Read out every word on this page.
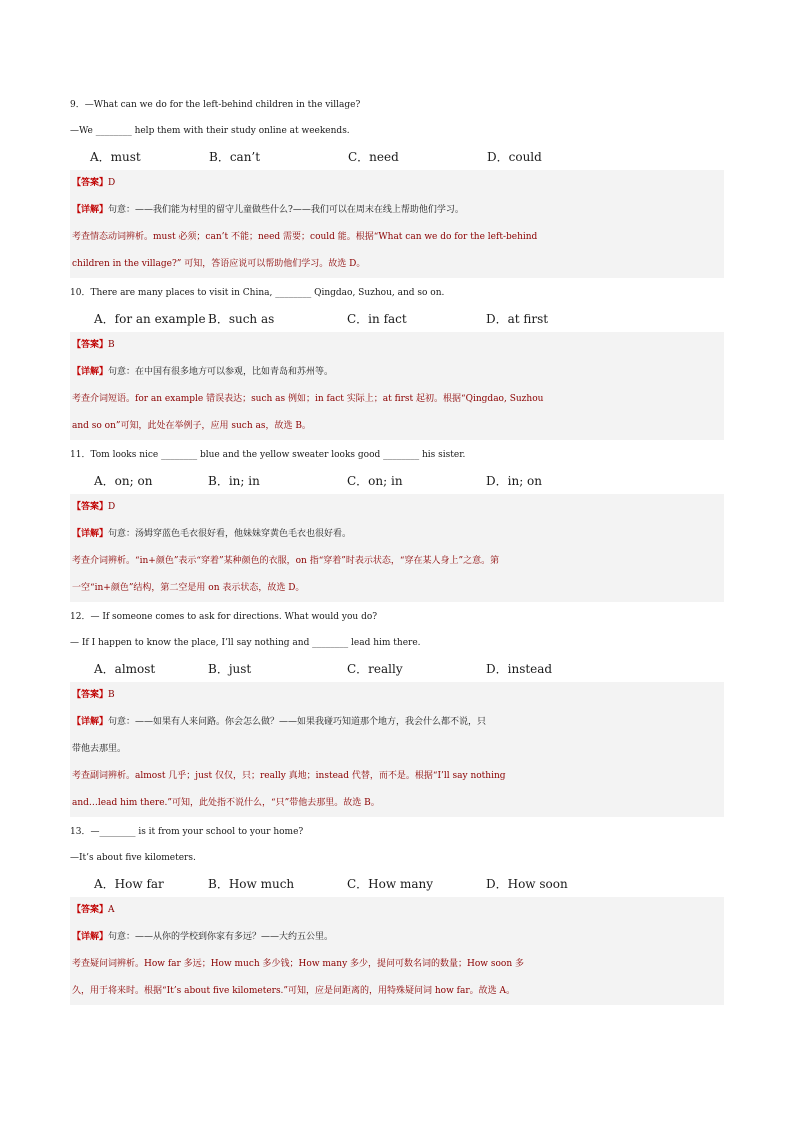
9．—What can we do for the left-behind children in the village?
—We ________ help them with their study online at weekends.
A．must	B．can’t	C．need	D．could
【答案】D
【详解】句意：——我们能为村里的留守儿童做些什么?——我们可以在周末在线上帮助他们学习。
考查情态动词辨析。must 必须；can’t 不能；need 需要；could 能。根据“What can we do for the left-behind
children in the village?” 可知，答语应说可以帮助他们学习。故选 D。
10．There are many places to visit in China, ________ Qingdao, Suzhou, and so on.
A．for an example B．such as	C．in fact	D．at first
【答案】B
【详解】句意：在中国有很多地方可以参观，比如青岛和苏州等。
考查介词短语。for an example 错误表达；such as 例如；in fact 实际上；at first 起初。根据“Qingdao, Suzhou
and so on”可知，此处在举例子，应用 such as，故选 B。
11．Tom looks nice ________ blue and the yellow sweater looks good ________ his sister.
A．on; on	B．in; in	C．on; in	D．in; on
【答案】D
【详解】句意：汤姆穿蓝色毛衣很好看，他妹妹穿黄色毛衣也很好看。
考查介词辨析。“in+颜色”表示“穿着”某种颜色的衣服，on 指“穿着”时表示状态，“穿在某人身上”之意。第
一空“in+颜色”结构，第二空是用 on 表示状态，故选 D。
12．— If someone comes to ask for directions. What would you do?
— If I happen to know the place, I’ll say nothing and ________ lead him there.
A．almost	B．just	C．really	D．instead
【答案】B
【详解】句意：——如果有人来问路。你会怎么做？——如果我碰巧知道那个地方，我会什么都不说，只
带他去那里。
考查副词辨析。almost 几乎；just 仅仅，只；really 真地；instead 代替，而不是。根据“I’ll say nothing
and…lead him there.”可知，此处指不说什么，“只”带他去那里。故选 B。
13．—________ is it from your school to your home?
—It’s about five kilometers.
A．How far	B．How much	C．How many	D．How soon
【答案】A
【详解】句意：——从你的学校到你家有多远？——大约五公里。
考查疑问词辨析。How far 多远；How much 多少钱；How many 多少，提问可数名词的数量；How soon 多
久，用于将来时。根据“It’s about five kilometers.”可知，应是问距离的，用特殊疑问词 how far。故选 A。
